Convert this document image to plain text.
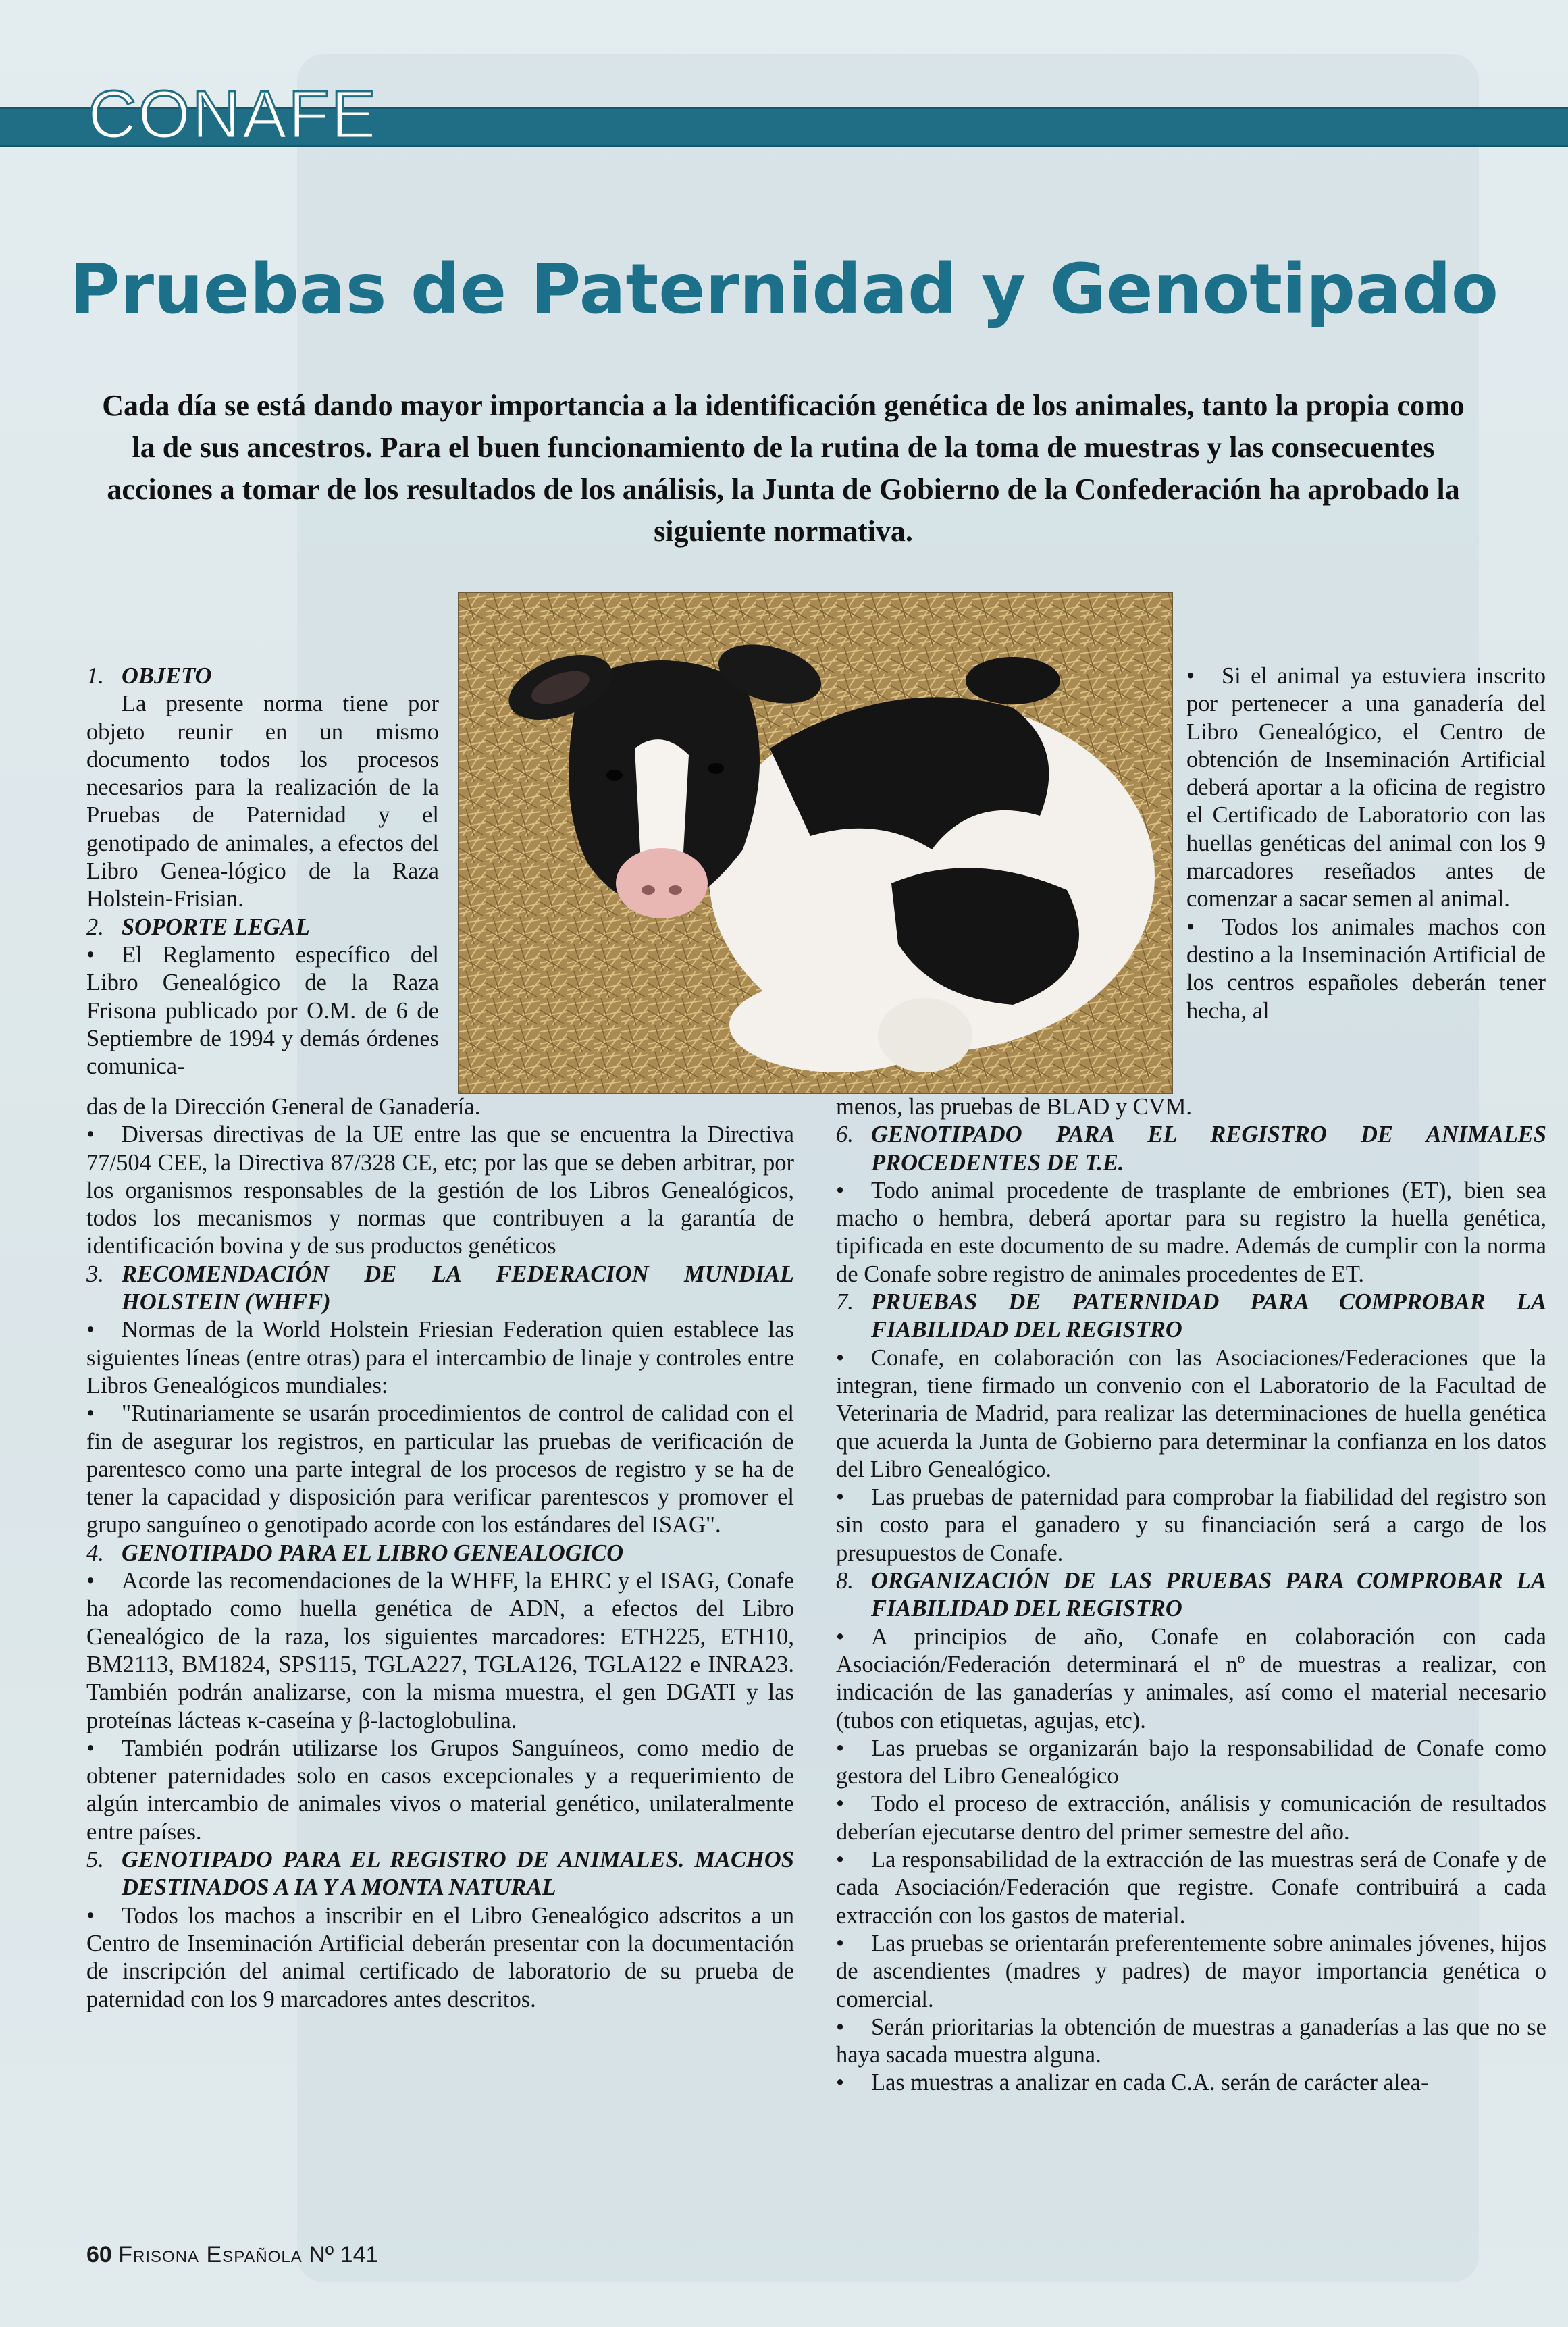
CONAFE
Pruebas de Paternidad y Genotipado
Cada día se está dando mayor importancia a la identificación genética de los animales, tanto la propia como la de sus ancestros. Para el buen funcionamiento de la rutina de la toma de muestras y las consecuentes acciones a tomar de los resultados de los análisis, la Junta de Gobierno de la Confederación ha aprobado la siguiente normativa.

1. OBJETO

La presente norma tiene por objeto reunir en un mismo documento todos los procesos necesarios para la realización de la Pruebas de Paternidad y el genotipado de animales, a efectos del Libro Genea-lógico de la Raza Holstein-Frisian.

2. SOPORTE LEGAL

• El Reglamento específico del Libro Genealógico de la Raza Frisona publicado por O.M. de 6 de Septiembre de 1994 y demás órdenes comunica-

das de la Dirección General de Ganadería.

• Diversas directivas de la UE entre las que se encuentra la Directiva 77/504 CEE, la Directiva 87/328 CE, etc; por las que se deben arbitrar, por los organismos responsables de la gestión de los Libros Genealógicos, todos los mecanismos y normas que contribuyen a la garantía de identificación bovina y de sus productos genéticos

3. RECOMENDACIÓN DE LA FEDERACION MUNDIAL HOLSTEIN (WHFF)

• Normas de la World Holstein Friesian Federation quien establece las siguientes líneas (entre otras) para el intercambio de linaje y controles entre Libros Genealógicos mundiales:

• "Rutinariamente se usarán procedimientos de control de calidad con el fin de asegurar los registros, en particular las pruebas de verificación de parentesco como una parte integral de los procesos de registro y se ha de tener la capacidad y disposición para verificar parentescos y promover el grupo sanguíneo o genotipado acorde con los estándares del ISAG".

4. GENOTIPADO PARA EL LIBRO GENEALOGICO

• Acorde las recomendaciones de la WHFF, la EHRC y el ISAG, Conafe ha adoptado como huella genética de ADN, a efectos del Libro Genealógico de la raza, los siguientes marcadores: ETH225, ETH10, BM2113, BM1824, SPS115, TGLA227, TGLA126, TGLA122 e INRA23. También podrán analizarse, con la misma muestra, el gen DGATI y las proteínas lácteas κ-caseína y β-lactoglobulina.

• También podrán utilizarse los Grupos Sanguíneos, como medio de obtener paternidades solo en casos excepcionales y a requerimiento de algún intercambio de animales vivos o material genético, unilateralmente entre países.

5. GENOTIPADO PARA EL REGISTRO DE ANIMALES. MACHOS DESTINADOS A IA Y A MONTA NATURAL

• Todos los machos a inscribir en el Libro Genealógico adscritos a un Centro de Inseminación Artificial deberán presentar con la documentación de inscripción del animal certificado de laboratorio de su prueba de paternidad con los 9 marcadores antes descritos.

• Si el animal ya estuviera inscrito por pertenecer a una ganadería del Libro Genealógico, el Centro de obtención de Inseminación Artificial deberá aportar a la oficina de registro el Certificado de Laboratorio con las huellas genéticas del animal con los 9 marcadores reseñados antes de comenzar a sacar semen al animal.

• Todos los animales machos con destino a la Inseminación Artificial de los centros españoles deberán tener hecha, al

menos, las pruebas de BLAD y CVM.

6. GENOTIPADO PARA EL REGISTRO DE ANIMALES PROCEDENTES DE T.E.

• Todo animal procedente de trasplante de embriones (ET), bien sea macho o hembra, deberá aportar para su registro la huella genética, tipificada en este documento de su madre. Además de cumplir con la norma de Conafe sobre registro de animales procedentes de ET.

7. PRUEBAS DE PATERNIDAD PARA COMPROBAR LA FIABILIDAD DEL REGISTRO

• Conafe, en colaboración con las Asociaciones/Federaciones que la integran, tiene firmado un convenio con el Laboratorio de la Facultad de Veterinaria de Madrid, para realizar las determinaciones de huella genética que acuerda la Junta de Gobierno para determinar la confianza en los datos del Libro Genealógico.

• Las pruebas de paternidad para comprobar la fiabilidad del registro son sin costo para el ganadero y su financiación será a cargo de los presupuestos de Conafe.

8. ORGANIZACIÓN DE LAS PRUEBAS PARA COMPROBAR LA FIABILIDAD DEL REGISTRO

• A principios de año, Conafe en colaboración con cada Asociación/Federación determinará el nº de muestras a realizar, con indicación de las ganaderías y animales, así como el material necesario (tubos con etiquetas, agujas, etc).

• Las pruebas se organizarán bajo la responsabilidad de Conafe como gestora del Libro Genealógico

• Todo el proceso de extracción, análisis y comunicación de resultados deberían ejecutarse dentro del primer semestre del año.

• La responsabilidad de la extracción de las muestras será de Conafe y de cada Asociación/Federación que registre. Conafe contribuirá a cada extracción con los gastos de material.

• Las pruebas se orientarán preferentemente sobre animales jóvenes, hijos de ascendientes (madres y padres) de mayor importancia genética o comercial.

• Serán prioritarias la obtención de muestras a ganaderías a las que no se haya sacada muestra alguna.

• Las muestras a analizar en cada C.A. serán de carácter alea-

60 Frisona Española Nº 141
